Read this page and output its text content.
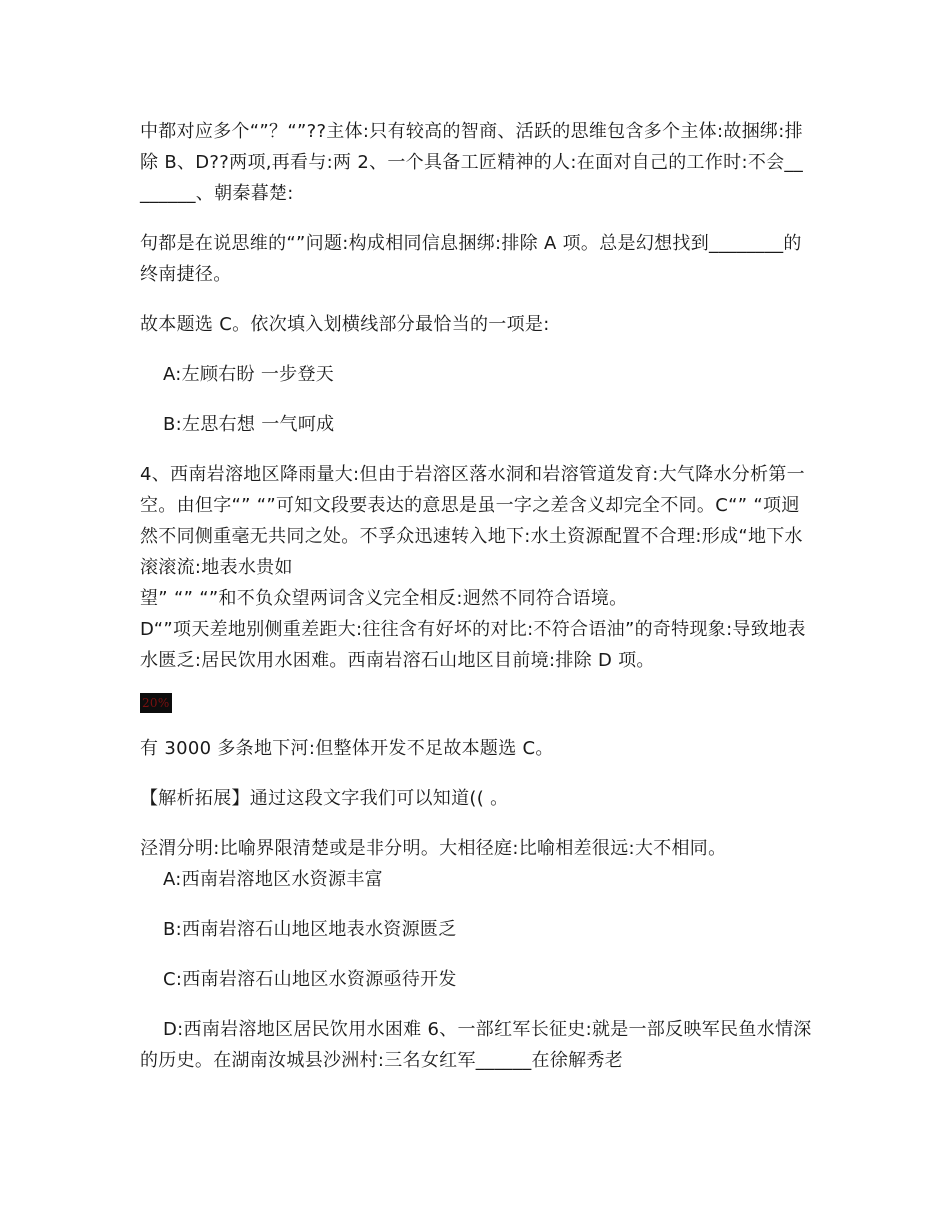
中都对应多个“”？“”??主体:只有较高的智商、活跃的思维包含多个主体:故捆绑:排除 B、D??两项,再看与:两 2、一个具备工匠精神的人:在面对自己的工作时:不会________、朝秦暮楚:

句都是在说思维的“”问题:构成相同信息捆绑:排除 A 项。总是幻想找到________的终南捷径。

故本题选 C。依次填入划横线部分最恰当的一项是:

A:左顾右盼 一步登天

B:左思右想 一气呵成

4、西南岩溶地区降雨量大:但由于岩溶区落水洞和岩溶管道发育:大气降水分析第一空。由但字“” “”可知文段要表达的意思是虽一字之差含义却完全不同。C“” “项迥然不同侧重毫无共同之处。不孚众迅速转入地下:水土资源配置不合理:形成“地下水滚滚流:地表水贵如

望” “” “”和不负众望两词含义完全相反:迥然不同符合语境。

D“”项天差地别侧重差距大:往往含有好坏的对比:不符合语油”的奇特现象:导致地表水匮乏:居民饮用水困难。西南岩溶石山地区目前境:排除 D 项。

20%

有 3000 多条地下河:但整体开发不足故本题选 C。

【解析拓展】通过这段文字我们可以知道(( 。

泾渭分明:比喻界限清楚或是非分明。大相径庭:比喻相差很远:大不相同。

A:西南岩溶地区水资源丰富

B:西南岩溶石山地区地表水资源匮乏

C:西南岩溶石山地区水资源亟待开发

D:西南岩溶地区居民饮用水困难 6、一部红军长征史:就是一部反映军民鱼水情深的历史。在湖南汝城县沙洲村:三名女红军______在徐解秀老
